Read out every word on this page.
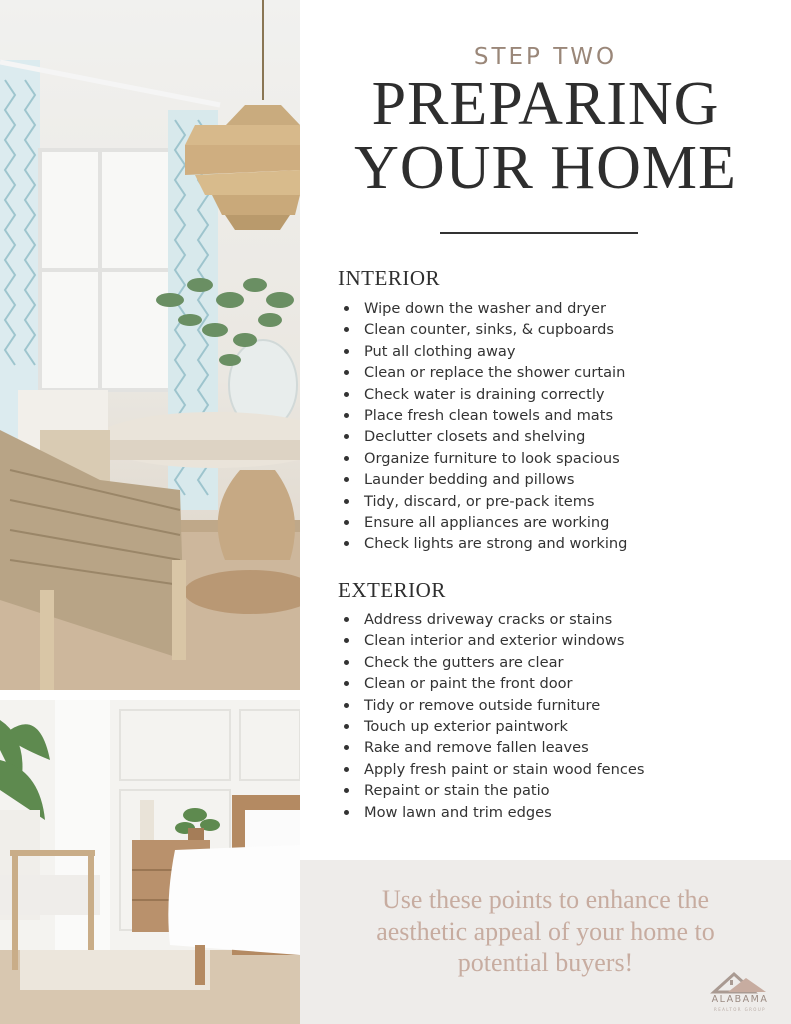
STEP TWO
PREPARING
YOUR HOME
INTERIOR
Wipe down the washer and dryer
Clean counter, sinks, & cupboards
Put all clothing away
Clean or replace the shower curtain
Check water is draining correctly
Place fresh clean towels and mats
Declutter closets and shelving
Organize furniture to look spacious
Launder bedding and pillows
Tidy, discard, or pre-pack items
Ensure all appliances are working
Check lights are strong and working
EXTERIOR
Address driveway cracks or stains
Clean interior and exterior windows
Check the gutters are clear
Clean or paint the front door
Tidy or remove outside furniture
Touch up exterior paintwork
Rake and remove fallen leaves
Apply fresh paint or stain wood fences
Repaint or stain the patio
Mow lawn and trim edges
Use these points to enhance the
aesthetic appeal of your home to
potential buyers!
ALABAMA
REALTOR GROUP
